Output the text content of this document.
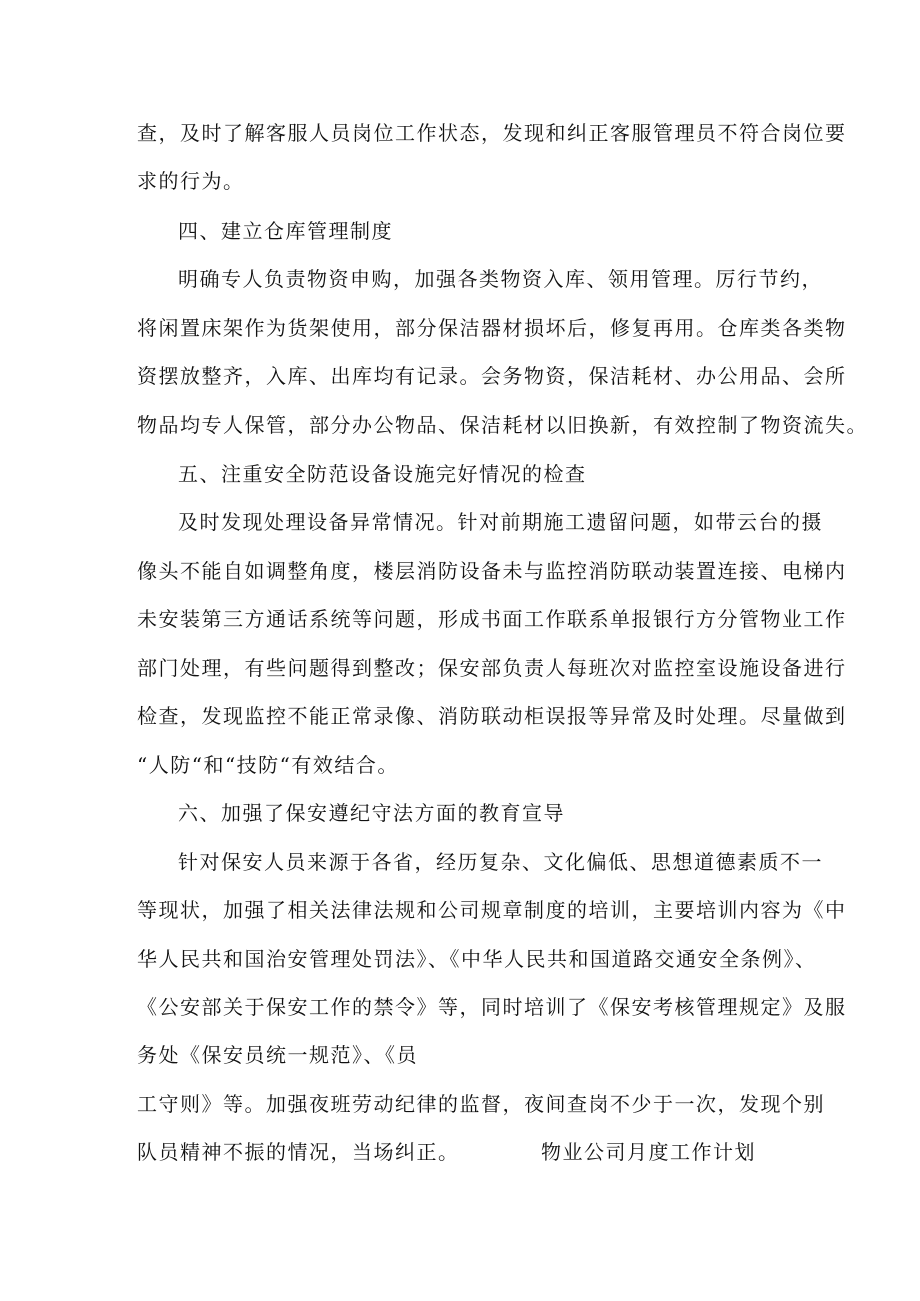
查，及时了解客服人员岗位工作状态，发现和纠正客服管理员不符合岗位要
求的行为。
四、建立仓库管理制度
明确专人负责物资申购，加强各类物资入库、领用管理。厉行节约，
将闲置床架作为货架使用，部分保洁器材损坏后，修复再用。仓库类各类物
资摆放整齐，入库、出库均有记录。会务物资，保洁耗材、办公用品、会所
物品均专人保管，部分办公物品、保洁耗材以旧换新，有效控制了物资流失。
五、注重安全防范设备设施完好情况的检查
及时发现处理设备异常情况。针对前期施工遗留问题，如带云台的摄
像头不能自如调整角度，楼层消防设备未与监控消防联动装置连接、电梯内
未安装第三方通话系统等问题，形成书面工作联系单报银行方分管物业工作
部门处理，有些问题得到整改；保安部负责人每班次对监控室设施设备进行
检查，发现监控不能正常录像、消防联动柜误报等异常及时处理。尽量做到
“人防“和“技防“有效结合。
六、加强了保安遵纪守法方面的教育宣导
针对保安人员来源于各省，经历复杂、文化偏低、思想道德素质不一
等现状，加强了相关法律法规和公司规章制度的培训，主要培训内容为《中
华人民共和国治安管理处罚法》、《中华人民共和国道路交通安全条例》、
《公安部关于保安工作的禁令》等，同时培训了《保安考核管理规定》及服
务处《保安员统一规范》、《员
工守则》等。加强夜班劳动纪律的监督，夜间查岗不少于一次，发现个别
队员精神不振的情况，当场纠正。	物业公司月度工作计划
